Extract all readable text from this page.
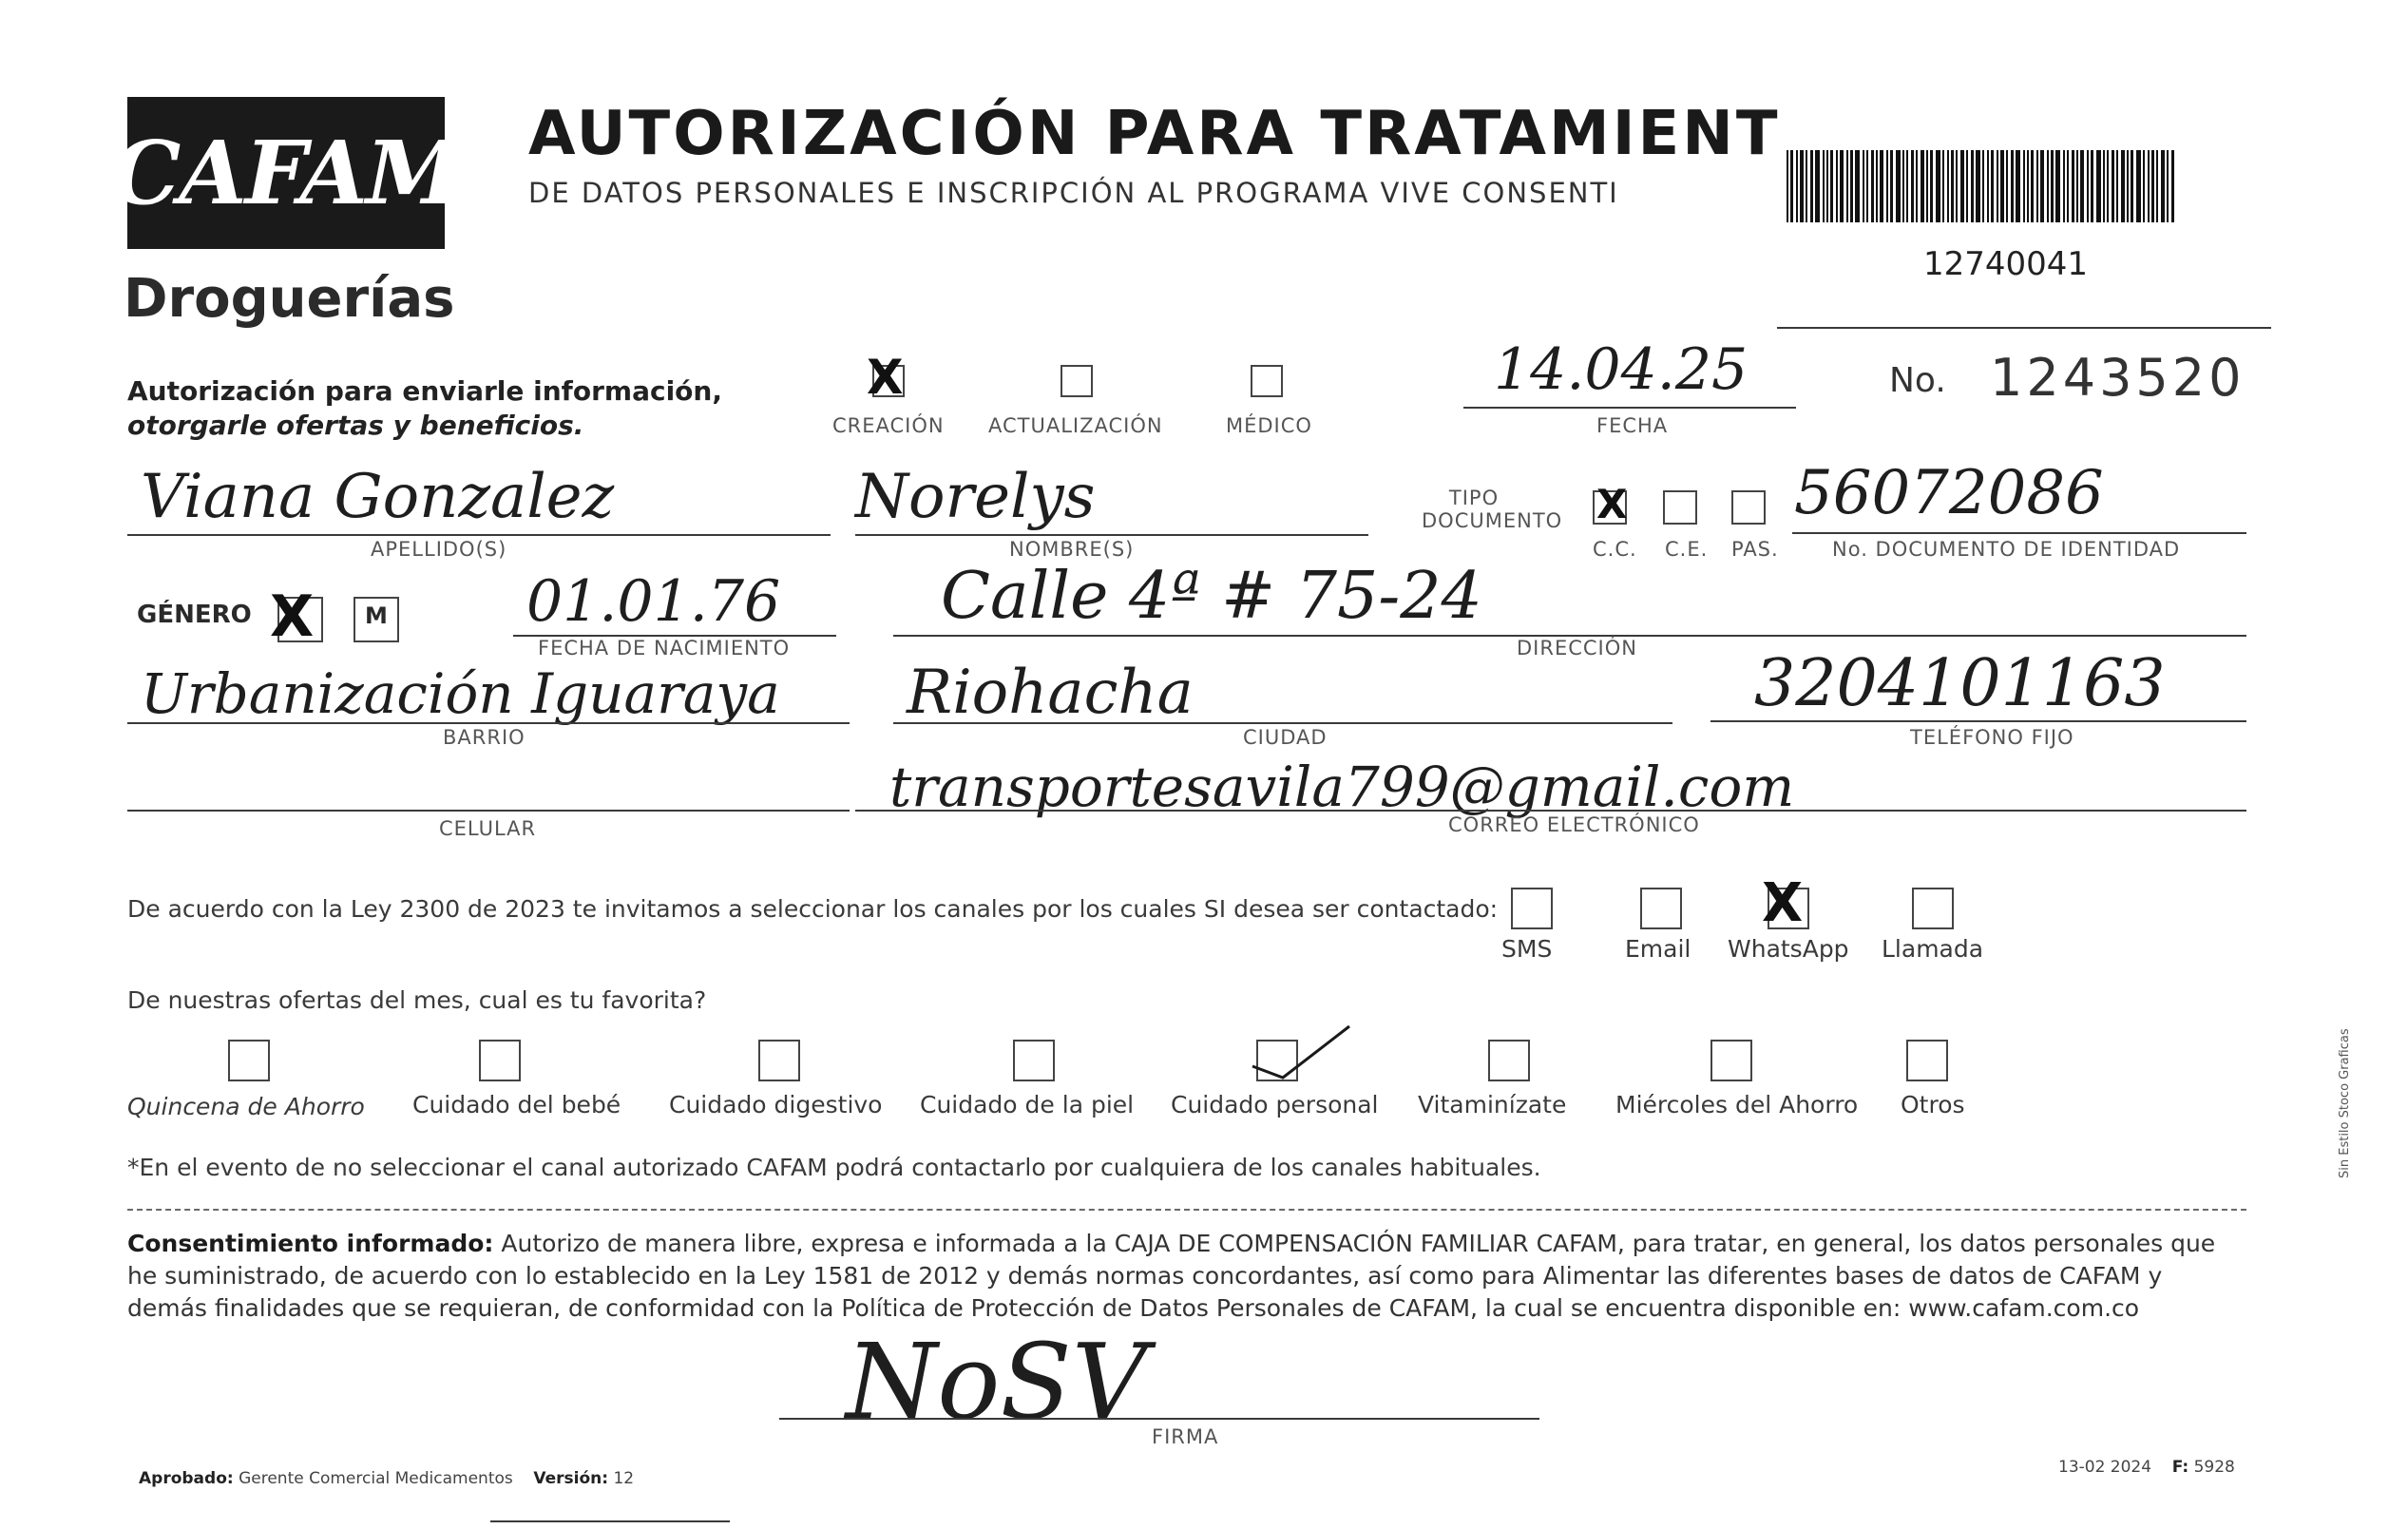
CAFAM
Droguerías
AUTORIZACIÓN PARA TRATAMIENT
DE DATOS PERSONALES E INSCRIPCIÓN AL PROGRAMA VIVE CONSENTI
12740041
Autorización para enviarle información,
otorgarle ofertas y beneficios.
X
CREACIÓN ACTUALIZACIÓN	MÉDICO
14.04.25
FECHA
No. 1243520
Viana Gonzalez
APELLIDO(S)
Norelys
NOMBRE(S)
TIPO DOCUMENTO X
C.C. C.E. PAS.
56072086
No. DOCUMENTO DE IDENTIDAD
GÉNERO X M 01.01.76
FECHA DE NACIMIENTO
Calle 4ª # 75-24
DIRECCIÓN
Urbanización Iguaraya
BARRIO
Riohacha
CIUDAD
3204101163
TELÉFONO FIJO
CELULAR
transportesavila799@gmail.com
CORREO ELECTRÓNICO
De acuerdo con la Ley 2300 de 2023 te invitamos a seleccionar los canales por los cuales SI desea ser contactado:
SMS	Email
X
WhatsApp Llamada
De nuestras ofertas del mes, cual es tu favorita?
Quincena de Ahorro Cuidado del bebé Cuidado digestivo Cuidado de la piel Cuidado personal Vitaminízate Miércoles del Ahorro Otros
*En el evento de no seleccionar el canal autorizado CAFAM podrá contactarlo por cualquiera de los canales habituales.
Consentimiento informado: Autorizo de manera libre, expresa e informada a la CAJA DE COMPENSACIÓN FAMILIAR CAFAM, para tratar, en general, los datos personales que he suministrado, de acuerdo con lo establecido en la Ley 1581 de 2012 y demás normas concordantes, así como para Alimentar las diferentes bases de datos de CAFAM y demás finalidades que se requieran, de conformidad con la Política de Protección de Datos Personales de CAFAM, la cual se encuentra disponible en: www.cafam.com.co
NoSV FIRMA
Aprobado: Gerente Comercial Medicamentos Versión: 12
13-02 2024 F: 5928
Sin Estilo Stoco Graficas
